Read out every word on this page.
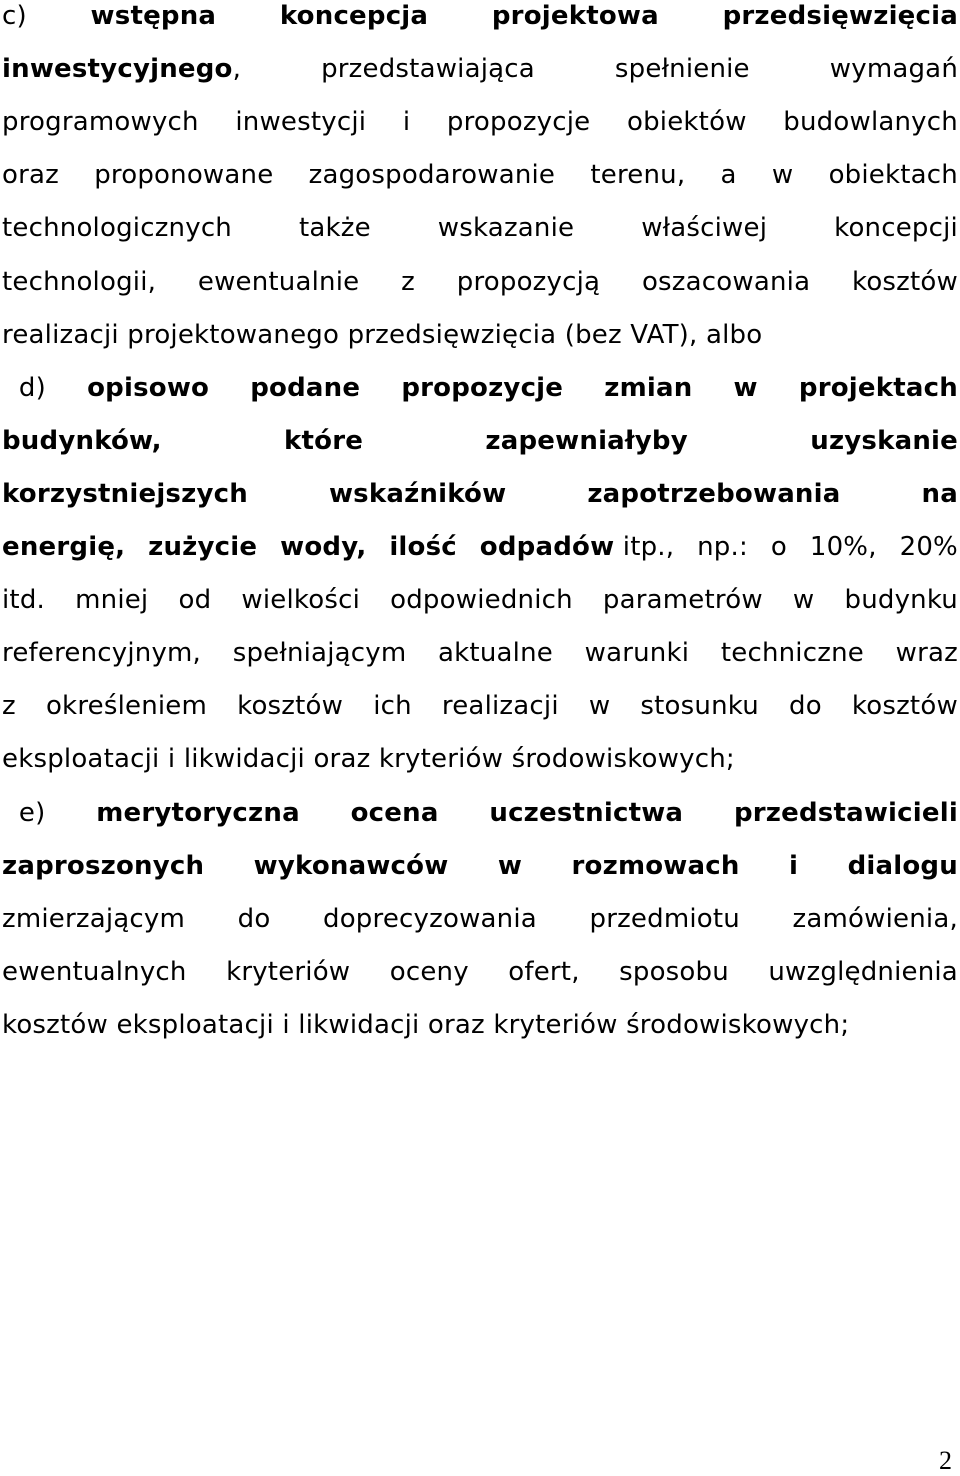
c) wstępna koncepcja projektowa przedsięwzięcia
inwestycyjnego,	przedstawiająca	spełnienie	wymagań
programowych inwestycji i propozycje obiektów budowlanych
oraz proponowane zagospodarowanie terenu, a w obiektach
technologicznych	także	wskazanie	właściwej	koncepcji
technologii, ewentualnie z propozycją oszacowania kosztów
realizacji projektowanego przedsięwzięcia (bez VAT), albo
d) opisowo podane propozycje zmian w projektach
budynków,	które	zapewniałyby	uzyskanie
korzystniejszych	wskaźników	zapotrzebowania	na
energię, zużycie wody, ilość odpadów itp., np.: o 10%, 20%
itd. mniej od wielkości odpowiednich parametrów w budynku
referencyjnym, spełniającym aktualne warunki techniczne wraz
z określeniem kosztów ich realizacji w stosunku do kosztów
eksploatacji i likwidacji oraz kryteriów środowiskowych;
e) merytoryczna ocena uczestnictwa przedstawicieli
zaproszonych wykonawców w rozmowach i dialogu
zmierzającym do doprecyzowania przedmiotu zamówienia,
ewentualnych kryteriów oceny ofert, sposobu uwzględnienia
kosztów eksploatacji i likwidacji oraz kryteriów środowiskowych;
2
